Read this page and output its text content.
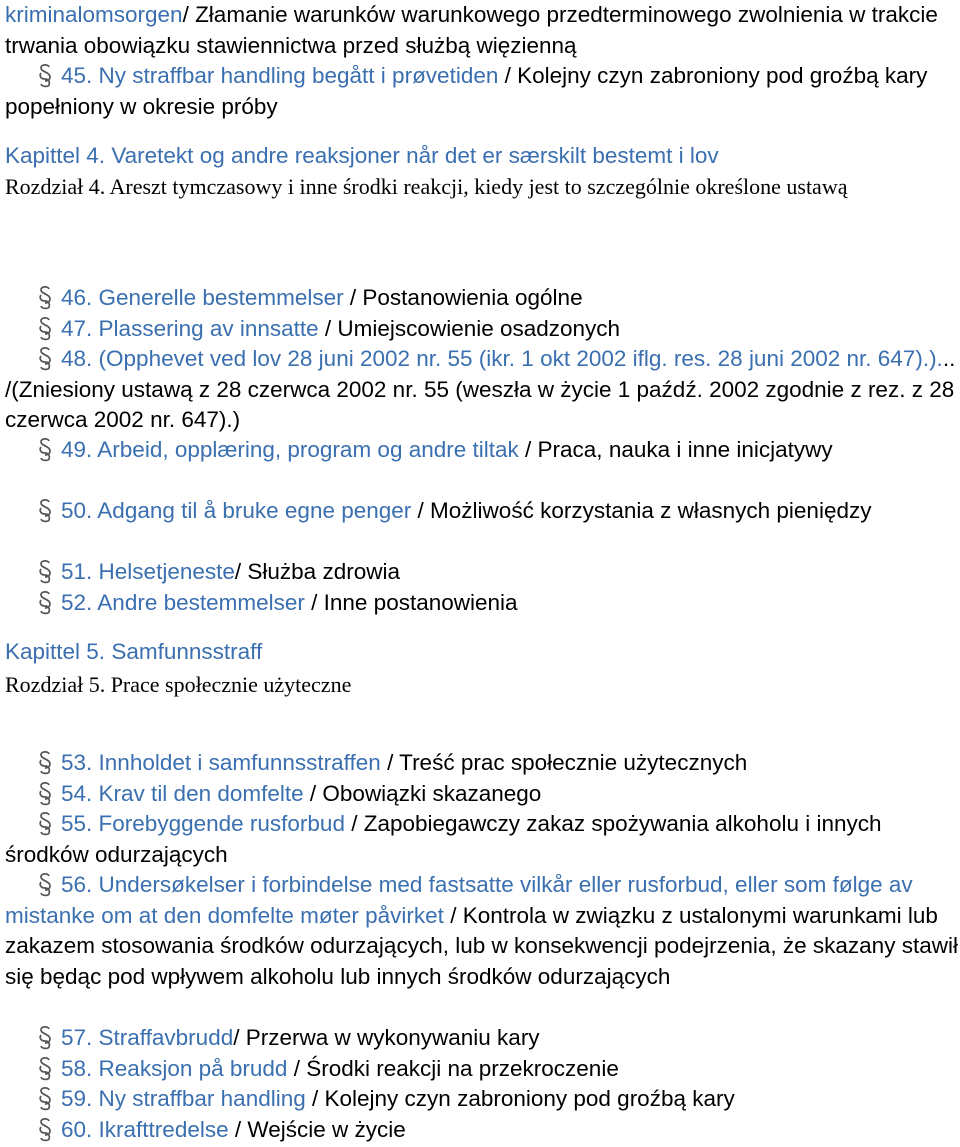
kriminalomsorgen/ Złamanie warunków warunkowego przedterminowego zwolnienia w trakcie trwania obowiązku stawiennictwa przed służbą więzienną

45. Ny straffbar handling begått i prøvetiden / Kolejny czyn zabroniony pod groźbą kary popełniony w okresie próby

Kapittel 4. Varetekt og andre reaksjoner når det er særskilt bestemt i lov

Rozdział 4. Areszt tymczasowy i inne środki reakcji, kiedy jest to szczególnie określone ustawą

46. Generelle bestemmelser / Postanowienia ogólne

47. Plassering av innsatte / Umiejscowienie osadzonych

48. (Opphevet ved lov 28 juni 2002 nr. 55 (ikr. 1 okt 2002 iflg. res. 28 juni 2002 nr. 647).)... /(Zniesiony ustawą z 28 czerwca 2002 nr. 55 (weszła w życie 1 paźdź. 2002 zgodnie z rez. z 28 czerwca 2002 nr. 647).)

49. Arbeid, opplæring, program og andre tiltak / Praca, nauka i inne inicjatywy

50. Adgang til å bruke egne penger / Możliwość korzystania z własnych pieniędzy

51. Helsetjeneste/ Służba zdrowia

52. Andre bestemmelser / Inne postanowienia

Kapittel 5. Samfunnsstraff

Rozdział 5. Prace społecznie użyteczne

53. Innholdet i samfunnsstraffen / Treść prac społecznie użytecznych

54. Krav til den domfelte / Obowiązki skazanego

55. Forebyggende rusforbud / Zapobiegawczy zakaz spożywania alkoholu i innych środków odurzających

56. Undersøkelser i forbindelse med fastsatte vilkår eller rusforbud, eller som følge av mistanke om at den domfelte møter påvirket / Kontrola w związku z ustalonymi warunkami lub zakazem stosowania środków odurzających, lub w konsekwencji podejrzenia, że skazany stawił się będąc pod wpływem alkoholu lub innych środków odurzających

57. Straffavbrudd/ Przerwa w wykonywaniu kary

58. Reaksjon på brudd / Środki reakcji na przekroczenie

59. Ny straffbar handling / Kolejny czyn zabroniony pod groźbą kary

60. Ikrafttredelse / Wejście w życie
